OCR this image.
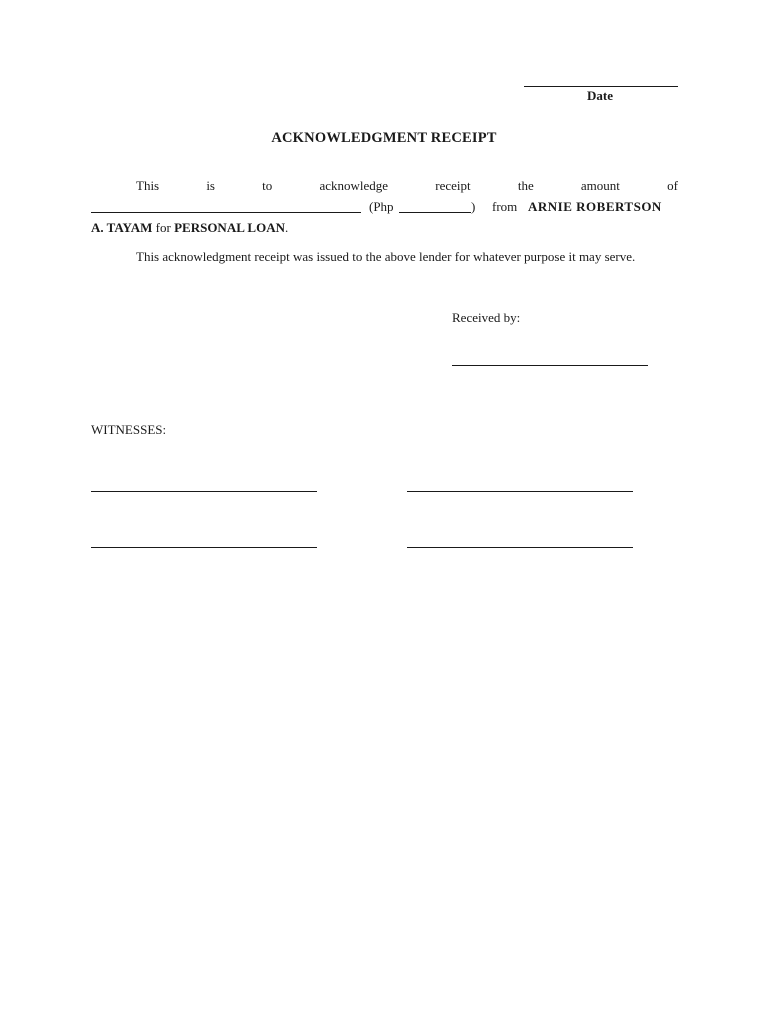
Date
ACKNOWLEDGMENT RECEIPT
This	is	to	acknowledge	receipt	the	amount	of
(Php	) from ARNIE ROBERTSON
A. TAYAM for PERSONAL LOAN.
This acknowledgment receipt was issued to the above lender for whatever purpose it may serve.
Received by:
WITNESSES:
